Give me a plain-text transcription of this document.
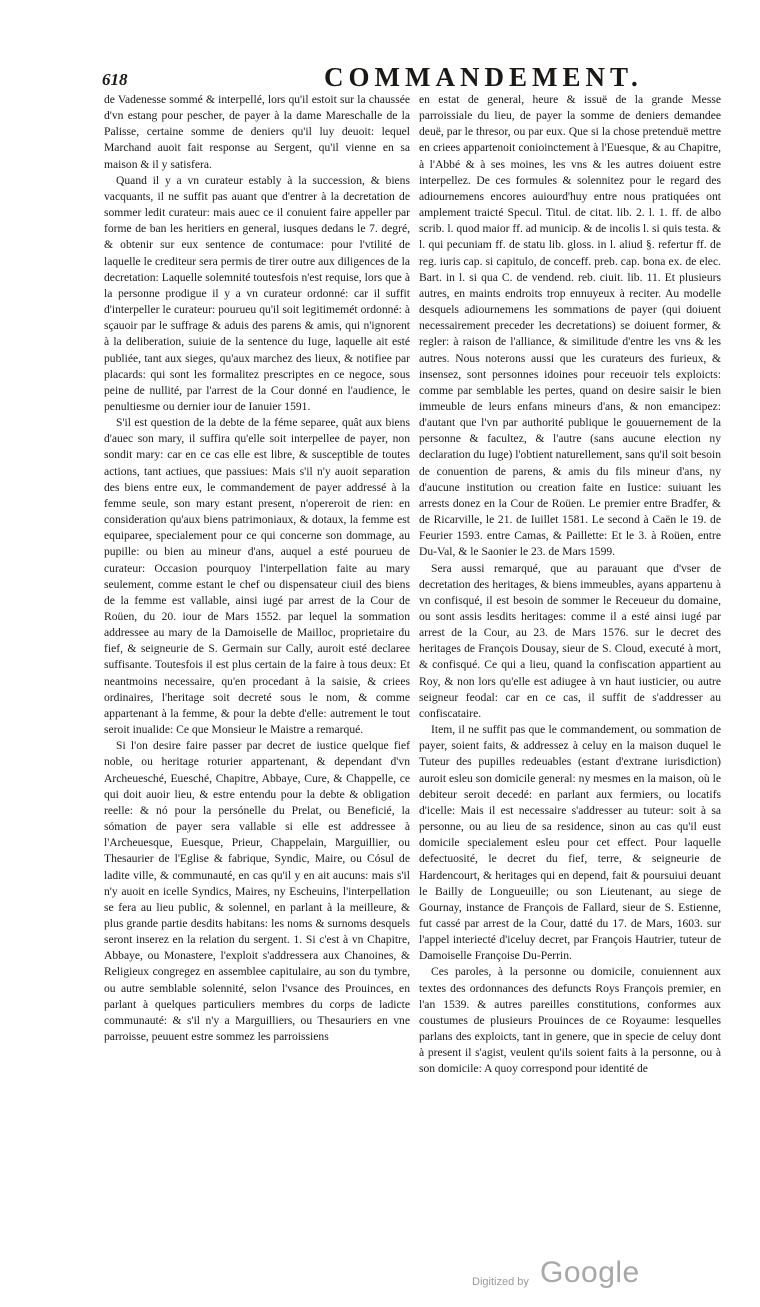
618	COMMANDEMENT.

de Vadenesse sommé & interpellé, lors qu'il estoit sur la chaussée d'vn estang pour pescher, de payer à la dame Mareschalle de la Palisse, certaine somme de deniers qu'il luy deuoit: lequel Marchand auoit fait response au Sergent, qu'il vienne en sa maison & il y satisfera.

Quand il y a vn curateur estably à la succession, & biens vacquants, il ne suffit pas auant que d'entrer à la decretation de sommer ledit curateur: mais auec ce il conuient faire appeller par forme de ban les heritiers en general, iusques dedans le 7. degré, & obtenir sur eux sentence de contumace: pour l'vtilité de laquelle le crediteur sera permis de tirer outre aux diligences de la decretation: Laquelle solemnité toutesfois n'est requise, lors que à la personne prodigue il y a vn curateur ordonné: car il suffit d'interpeller le curateur: pourueu qu'il soit legitimemét ordonné: à sçauoir par le suffrage & aduis des parens & amis, qui n'ignorent à la deliberation, suiuie de la sentence du Iuge, laquelle ait esté publiée, tant aux sieges, qu'aux marchez des lieux, & notifiee par placards: qui sont les formalitez prescriptes en ce negoce, sous peine de nullité, par l'arrest de la Cour donné en l'audience, le penultiesme ou dernier iour de Ianuier 1591.

S'il est question de la debte de la féme separee, quât aux biens d'auec son mary, il suffira qu'elle soit interpellee de payer, non sondit mary: car en ce cas elle est libre, & susceptible de toutes actions, tant actiues, que passiues: Mais s'il n'y auoit separation des biens entre eux, le commandement de payer addressé à la femme seule, son mary estant present, n'opereroit de rien: en consideration qu'aux biens patrimoniaux, & dotaux, la femme est equiparee, specialement pour ce qui concerne son dommage, au pupille: ou bien au mineur d'ans, auquel a esté pourueu de curateur: Occasion pourquoy l'interpellation faite au mary seulement, comme estant le chef ou dispensateur ciuil des biens de la femme est vallable, ainsi iugé par arrest de la Cour de Roüen, du 20. iour de Mars 1552. par lequel la sommation addressee au mary de la Damoiselle de Mailloc, proprietaire du fief, & seigneurie de S. Germain sur Cally, auroit esté declaree suffisante. Toutesfois il est plus certain de la faire à tous deux: Et neantmoins necessaire, qu'en procedant à la saisie, & criees ordinaires, l'heritage soit decreté sous le nom, & comme appartenant à la femme, & pour la debte d'elle: autrement le tout seroit inualide: Ce que Monsieur le Maistre a remarqué.

Si l'on desire faire passer par decret de iustice quelque fief noble, ou heritage roturier appartenant, & dependant d'vn Archeuesché, Euesché, Chapitre, Abbaye, Cure, & Chappelle, ce qui doit auoir lieu, & estre entendu pour la debte & obligation reelle: & nó pour la persónelle du Prelat, ou Beneficié, la sómation de payer sera vallable si elle est addressee à l'Archeuesque, Euesque, Prieur, Chappelain, Marguillier, ou Thesaurier de l'Eglise & fabrique, Syndic, Maire, ou Cósul de ladite ville, & communauté, en cas qu'il y en ait aucuns: mais s'il n'y auoit en icelle Syndics, Maires, ny Escheuins, l'interpellation se fera au lieu public, & solennel, en parlant à la meilleure, & plus grande partie desdits habitans: les noms & surnoms desquels seront inserez en la relation du sergent. 1. Si c'est à vn Chapitre, Abbaye, ou Monastere, l'exploit s'addressera aux Chanoines, & Religieux congregez en assemblee capitulaire, au son du tymbre, ou autre semblable solennité, selon l'vsance des Prouinces, en parlant à quelques particuliers membres du corps de ladicte communauté: & s'il n'y a Marguilliers, ou Thesauriers en vne parroisse, peuuent estre sommez les parroissiens

en estat de general, heure & issuë de la grande Messe parroissiale du lieu, de payer la somme de deniers demandee deuë, par le thresor, ou par eux. Que si la chose pretenduë mettre en criees appartenoit conioinctement à l'Euesque, & au Chapitre, à l'Abbé & à ses moines, les vns & les autres doiuent estre interpellez. De ces formules & solennitez pour le regard des adiournemens encores auiourd'huy entre nous pratiquées ont amplement traicté Specul. Titul. de citat. lib. 2. l. 1. ff. de albo scrib. l. quod maior ff. ad municip. & de incolis l. si quis testa. & l. qui pecuniam ff. de statu lib. gloss. in l. aliud §. refertur ff. de reg. iuris cap. si capitulo, de conceff. preb. cap. bona ex. de elec. Bart. in l. si qua C. de vendend. reb. ciuit. lib. 11. Et plusieurs autres, en maints endroits trop ennuyeux à reciter. Au modelle desquels adiournemens les sommations de payer (qui doiuent necessairement preceder les decretations) se doiuent former, & regler: à raison de l'alliance, & similitude d'entre les vns & les autres. Nous noterons aussi que les curateurs des furieux, & insensez, sont personnes idoines pour receuoir tels exploicts: comme par semblable les pertes, quand on desire saisir le bien immeuble de leurs enfans mineurs d'ans, & non emancipez: d'autant que l'vn par authorité publique le gouuernement de la personne & facultez, & l'autre (sans aucune election ny declaration du Iuge) l'obtient naturellement, sans qu'il soit besoin de conuention de parens, & amis du fils mineur d'ans, ny d'aucune institution ou creation faite en Iustice: suiuant les arrests donez en la Cour de Roüen. Le premier entre Bradfer, & de Ricarville, le 21. de Iuillet 1581. Le second à Caën le 19. de Feurier 1593. entre Camas, & Paillette: Et le 3. à Roüen, entre Du-Val, & le Saonier le 23. de Mars 1599.

Sera aussi remarqué, que au parauant que d'vser de decretation des heritages, & biens immeubles, ayans appartenu à vn confisqué, il est besoin de sommer le Receueur du domaine, ou sont assis lesdits heritages: comme il a esté ainsi iugé par arrest de la Cour, au 23. de Mars 1576. sur le decret des heritages de François Dousay, sieur de S. Cloud, executé à mort, & confisqué. Ce qui a lieu, quand la confiscation appartient au Roy, & non lors qu'elle est adiugee à vn haut iusticier, ou autre seigneur feodal: car en ce cas, il suffit de s'addresser au confiscataire.

Item, il ne suffit pas que le commandement, ou sommation de payer, soient faits, & addressez à celuy en la maison duquel le Tuteur des pupilles redeuables (estant d'extrane iurisdiction) auroit esleu son domicile general: ny mesmes en la maison, où le debiteur seroit decedé: en parlant aux fermiers, ou locatifs d'icelle: Mais il est necessaire s'addresser au tuteur: soit à sa personne, ou au lieu de sa residence, sinon au cas qu'il eust domicile specialement esleu pour cet effect. Pour laquelle defectuosité, le decret du fief, terre, & seigneurie de Hardencourt, & heritages qui en depend, fait & poursuiui deuant le Bailly de Longueuille; ou son Lieutenant, au siege de Gournay, instance de François de Fallard, sieur de S. Estienne, fut cassé par arrest de la Cour, datté du 17. de Mars, 1603. sur l'appel interiecté d'iceluy decret, par François Hautrier, tuteur de Damoiselle Françoise Du-Perrin.

Ces paroles, à la personne ou domicile, conuiennent aux textes des ordonnances des defuncts Roys François premier, en l'an 1539. & autres pareilles constitutions, conformes aux coustumes de plusieurs Prouinces de ce Royaume: lesquelles parlans des exploicts, tant in genere, que in specie de celuy dont à present il s'agist, veulent qu'ils soient faits à la personne, ou à son domicile: A quoy correspond pour identité de

Digitized by Google
